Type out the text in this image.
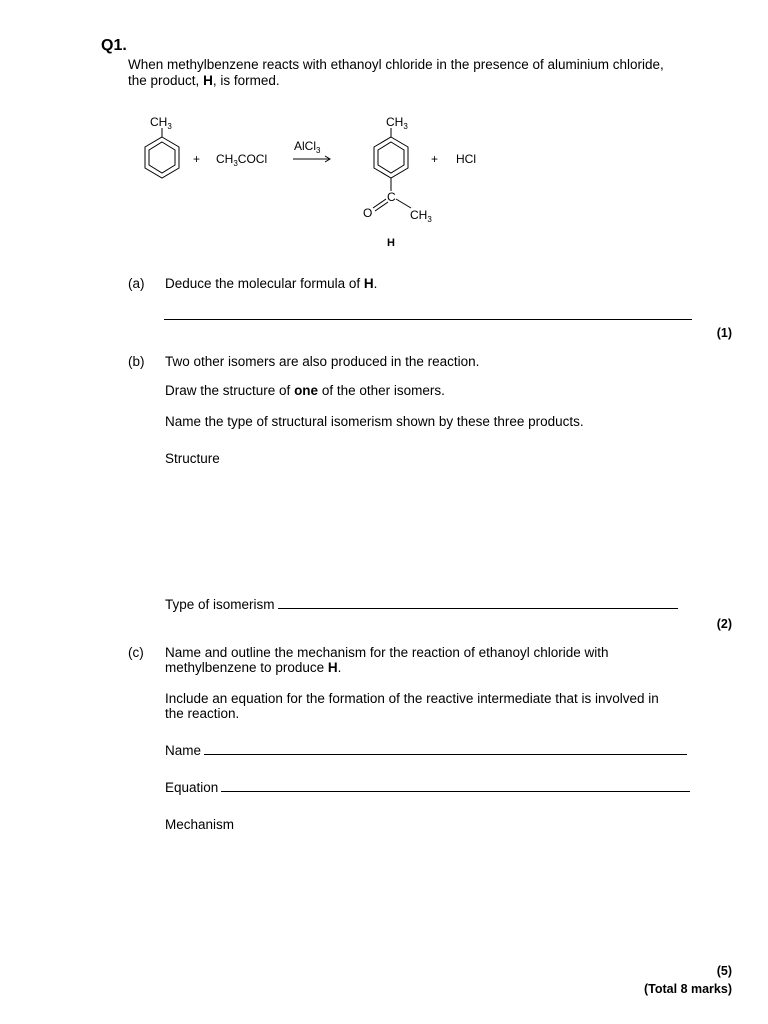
Q1.
When methylbenzene reacts with ethanoyl chloride in the presence of aluminium chloride,
the product, H, is formed.
$CH_3$
+ $CH_3COCl$
AlCl$_3$
$CH_3$
C
O	$CH_3$
H
+ HCl
(a) Deduce the molecular formula of H.
(1)
(b) Two other isomers are also produced in the reaction.
Draw the structure of one of the other isomers.
Name the type of structural isomerism shown by these three products.
Structure
Type of isomerism
(2)
(c) Name and outline the mechanism for the reaction of ethanoyl chloride with
methylbenzene to produce H.
Include an equation for the formation of the reactive intermediate that is involved in
the reaction.
Name
Equation
Mechanism
(5)
(Total 8 marks)
